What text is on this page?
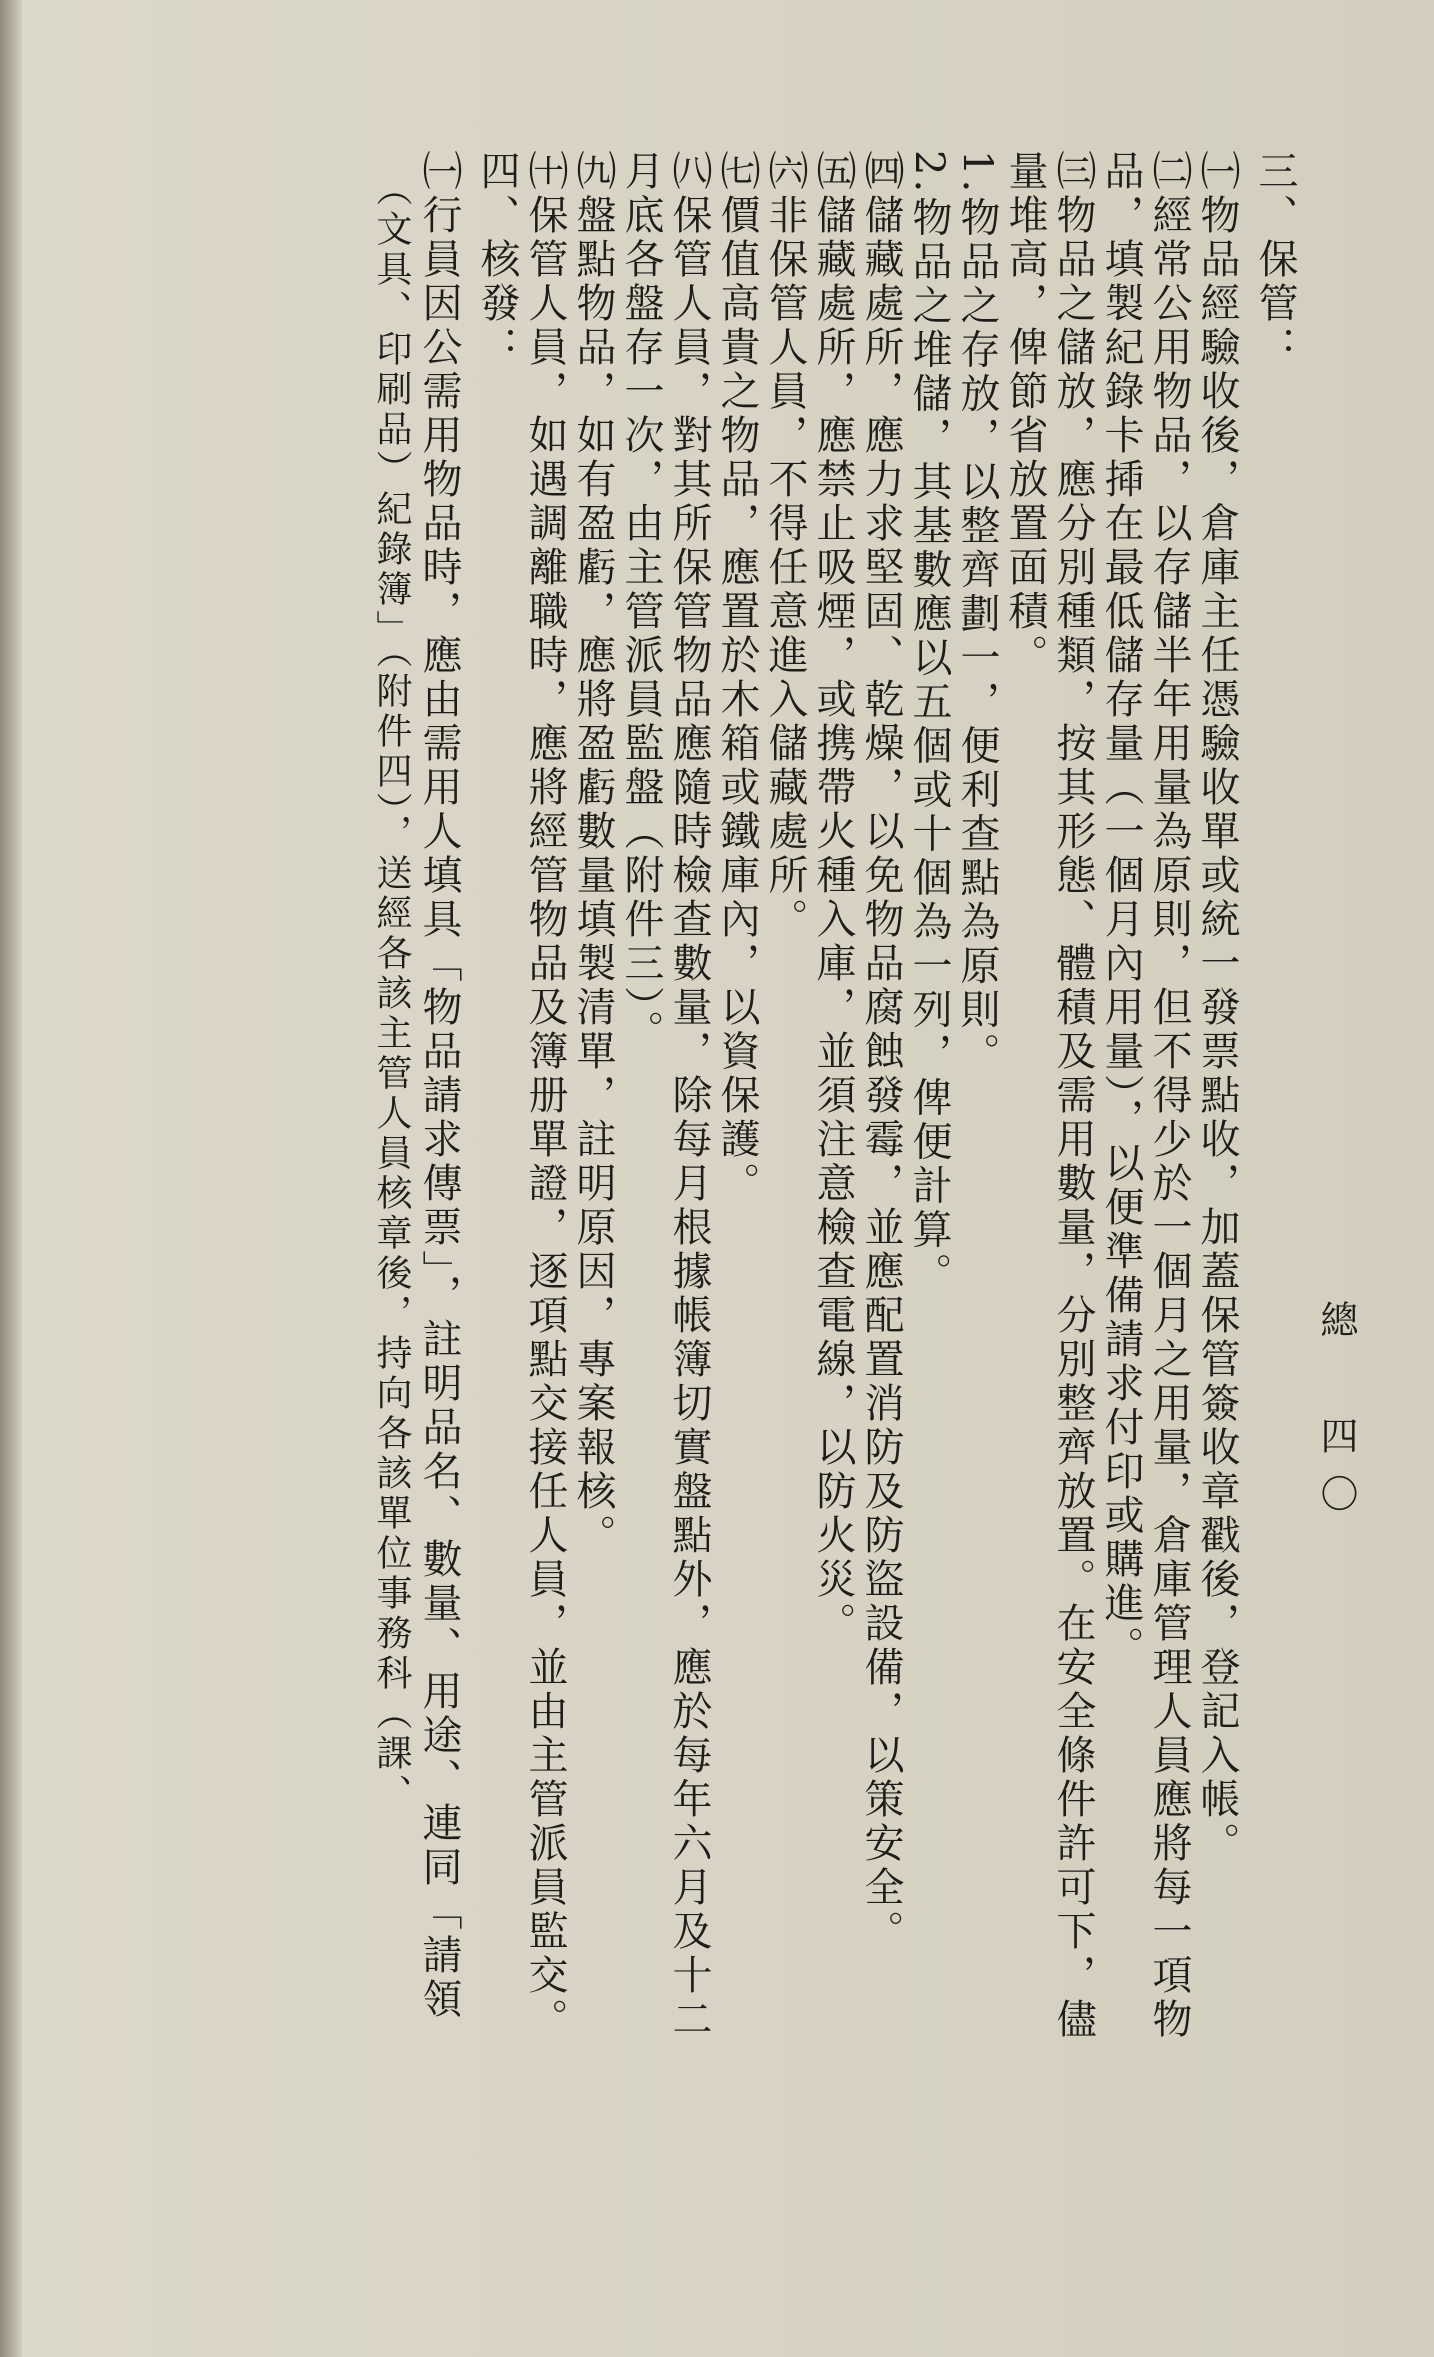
總　四〇
三、保管：
㈠物品經驗收後，倉庫主任憑驗收單或統一發票點收，加蓋保管簽收章戳後，登記入帳。
㈡經常公用物品，以存儲半年用量為原則，但不得少於一個月之用量，倉庫管理人員應將每一項物
品，填製紀錄卡揷在最低儲存量（一個月內用量），以便準備請求付印或購進。
㈢物品之儲放，應分別種類，按其形態、體積及需用數量，分別整齊放置。在安全條件許可下，儘
量堆高，俾節省放置面積。
1.物品之存放，以整齊劃一，便利查點為原則。
2.物品之堆儲，其基數應以五個或十個為一列，俾便計算。
㈣儲藏處所，應力求堅固、乾燥，以免物品腐蝕發霉，並應配置消防及防盜設備，以策安全。
㈤儲藏處所，應禁止吸煙，或携帶火種入庫，並須注意檢查電線，以防火災。
㈥非保管人員，不得任意進入儲藏處所。
㈦價值高貴之物品，應置於木箱或鐵庫內，以資保護。
㈧保管人員，對其所保管物品應隨時檢查數量，除每月根據帳簿切實盤點外，應於每年六月及十二
月底各盤存一次，由主管派員監盤（附件三）。
㈨盤點物品，如有盈虧，應將盈虧數量填製清單，註明原因，專案報核。
㈩保管人員，如遇調離職時，應將經管物品及簿册單證，逐項點交接任人員，並由主管派員監交。
四、核發：
㈠行員因公需用物品時，應由需用人填具「物品請求傳票」，註明品名、數量、用途、連同「請領
（文具、印刷品）紀錄簿」（附件四），送經各該主管人員核章後，持向各該單位事務科（課、
